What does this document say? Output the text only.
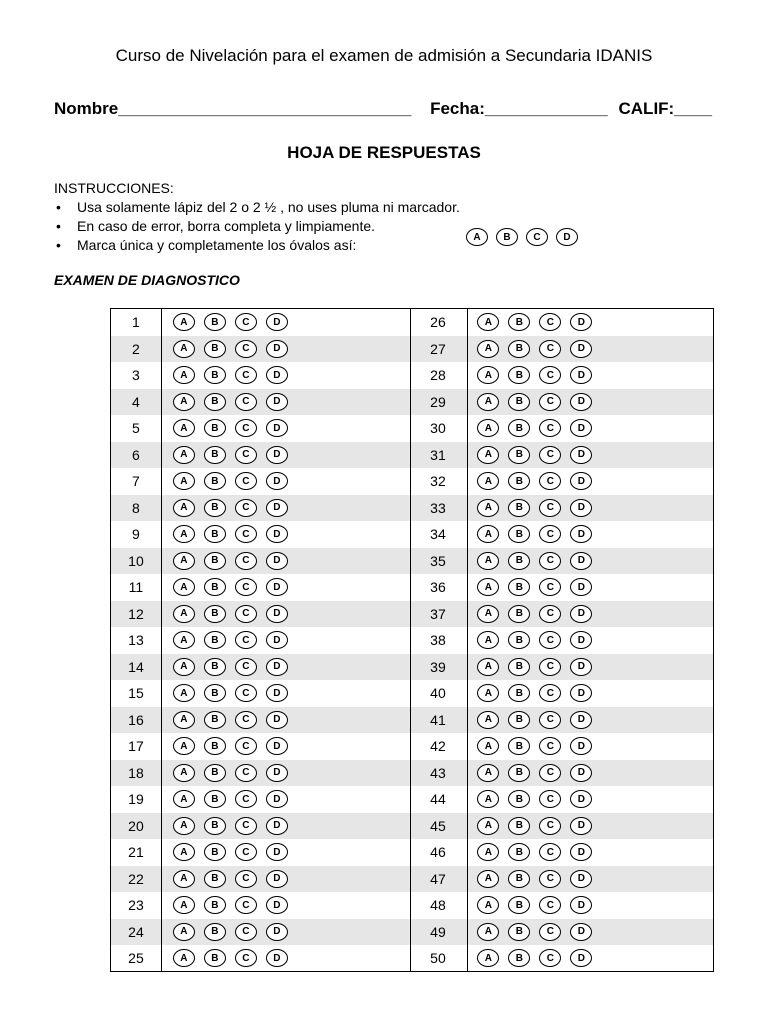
Curso de Nivelación para el examen de admisión a Secundaria IDANIS
Nombre_______________________________ Fecha:_____________ CALIF:____
HOJA DE RESPUESTAS
INSTRUCCIONES:
• Usa solamente lápiz del 2 o 2 ½ , no uses pluma ni marcador.
• En caso de error, borra completa y limpiamente.
• Marca única y completamente los óvalos así:	A	B	C	D
EXAMEN DE DIAGNOSTICO
1	A	B	C	D	26	A	B	C	D
2	A	B	C	D	27	A	B	C	D
3	A	B	C	D	28	A	B	C	D
4	A	B	C	D	29	A	B	C	D
5	A	B	C	D	30	A	B	C	D
6	A	B	C	D	31	A	B	C	D
7	A	B	C	D	32	A	B	C	D
8	A	B	C	D	33	A	B	C	D
9	A	B	C	D	34	A	B	C	D
10	A	B	C	D	35	A	B	C	D
11	A	B	C	D	36	A	B	C	D
12	A	B	C	D	37	A	B	C	D
13	A	B	C	D	38	A	B	C	D
14	A	B	C	D	39	A	B	C	D
15	A	B	C	D	40	A	B	C	D
16	A	B	C	D	41	A	B	C	D
17	A	B	C	D	42	A	B	C	D
18	A	B	C	D	43	A	B	C	D
19	A	B	C	D	44	A	B	C	D
20	A	B	C	D	45	A	B	C	D
21	A	B	C	D	46	A	B	C	D
22	A	B	C	D	47	A	B	C	D
23	A	B	C	D	48	A	B	C	D
24	A	B	C	D	49	A	B	C	D
25	A	B	C	D	50	A	B	C	D
